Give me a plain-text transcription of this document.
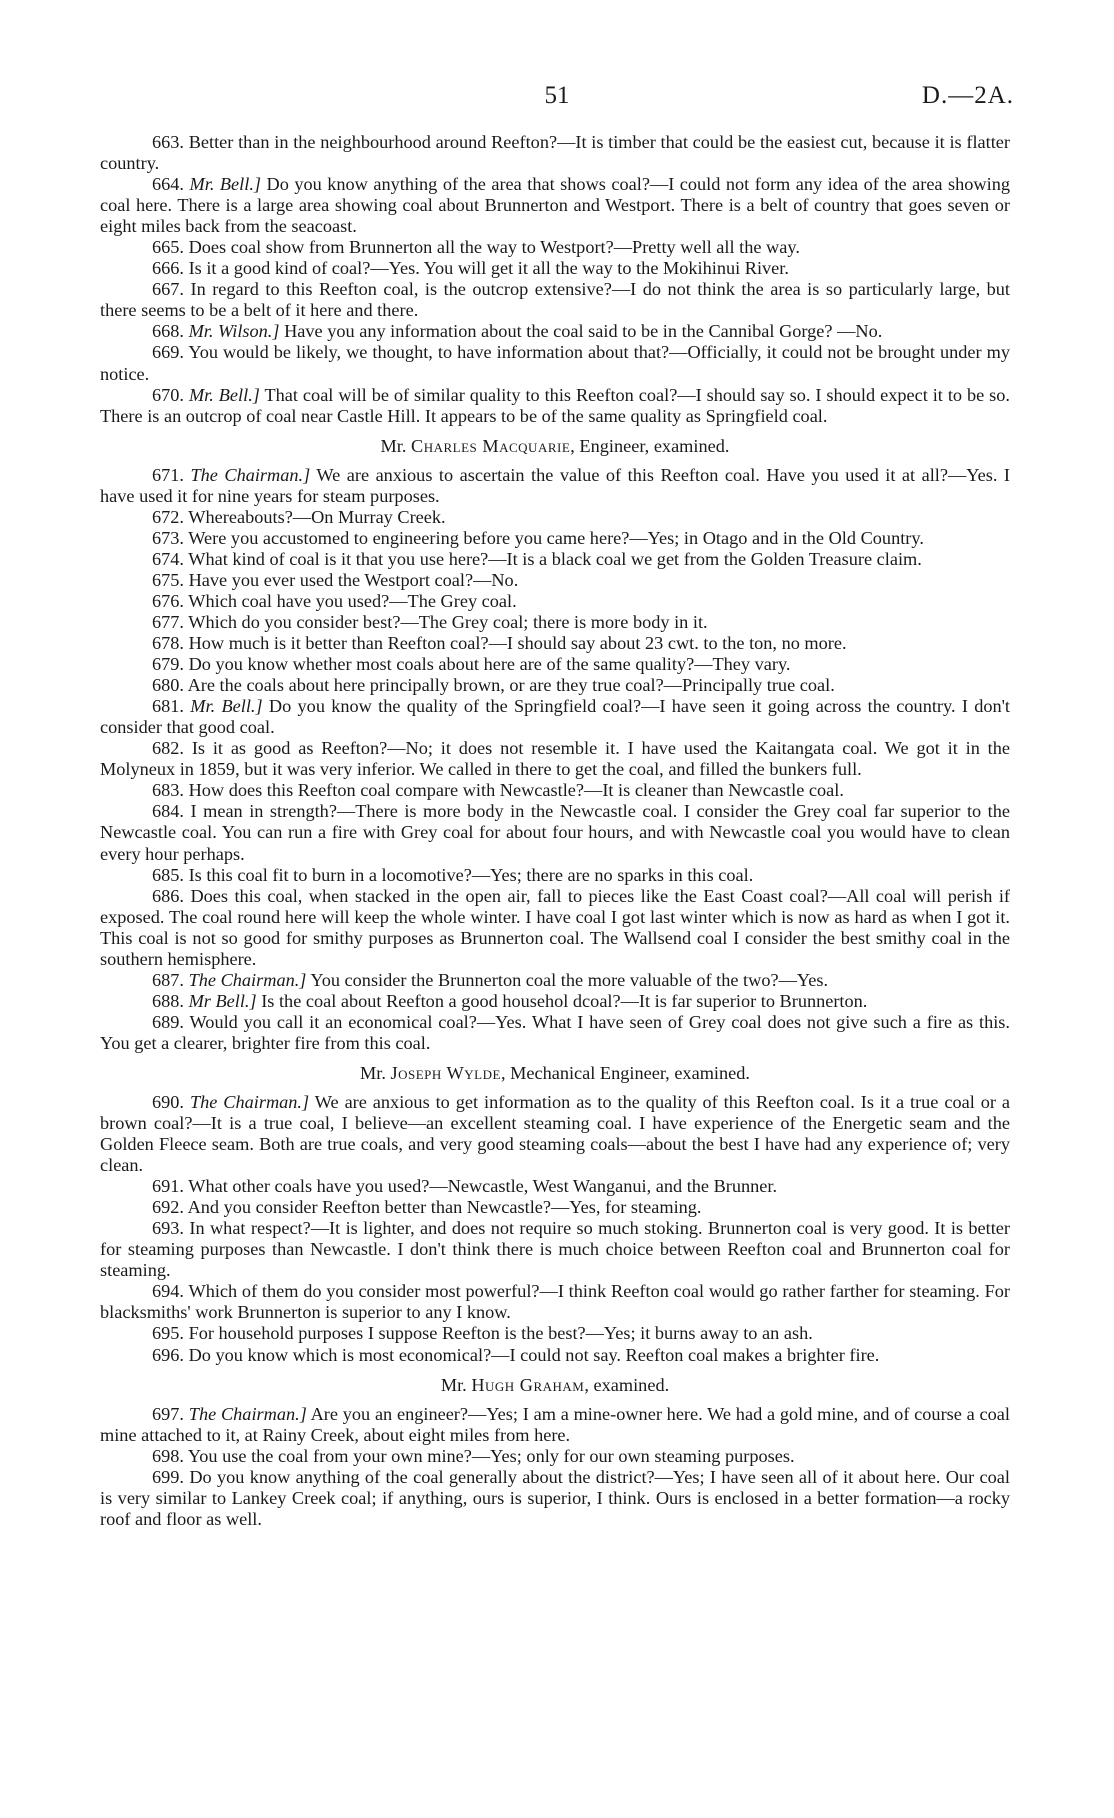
51	D.—2A.

663. Better than in the neighbourhood around Reefton?—It is timber that could be the easiest cut, because it is flatter country.

664. Mr. Bell.] Do you know anything of the area that shows coal?—I could not form any idea of the area showing coal here. There is a large area showing coal about Brunnerton and Westport. There is a belt of country that goes seven or eight miles back from the seacoast.

665. Does coal show from Brunnerton all the way to Westport?—Pretty well all the way.

666. Is it a good kind of coal?—Yes. You will get it all the way to the Mokihinui River.

667. In regard to this Reefton coal, is the outcrop extensive?—I do not think the area is so particularly large, but there seems to be a belt of it here and there.

668. Mr. Wilson.] Have you any information about the coal said to be in the Cannibal Gorge? —No.

669. You would be likely, we thought, to have information about that?—Officially, it could not be brought under my notice.

670. Mr. Bell.] That coal will be of similar quality to this Reefton coal?—I should say so. I should expect it to be so. There is an outcrop of coal near Castle Hill. It appears to be of the same quality as Springfield coal.

Mr. Charles Macquarie, Engineer, examined.

671. The Chairman.] We are anxious to ascertain the value of this Reefton coal. Have you used it at all?—Yes. I have used it for nine years for steam purposes.

672. Whereabouts?—On Murray Creek.

673. Were you accustomed to engineering before you came here?—Yes; in Otago and in the Old Country.

674. What kind of coal is it that you use here?—It is a black coal we get from the Golden Treasure claim.

675. Have you ever used the Westport coal?—No.

676. Which coal have you used?—The Grey coal.

677. Which do you consider best?—The Grey coal; there is more body in it.

678. How much is it better than Reefton coal?—I should say about 23 cwt. to the ton, no more.

679. Do you know whether most coals about here are of the same quality?—They vary.

680. Are the coals about here principally brown, or are they true coal?—Principally true coal.

681. Mr. Bell.] Do you know the quality of the Springfield coal?—I have seen it going across the country. I don't consider that good coal.

682. Is it as good as Reefton?—No; it does not resemble it. I have used the Kaitangata coal. We got it in the Molyneux in 1859, but it was very inferior. We called in there to get the coal, and filled the bunkers full.

683. How does this Reefton coal compare with Newcastle?—It is cleaner than Newcastle coal.

684. I mean in strength?—There is more body in the Newcastle coal. I consider the Grey coal far superior to the Newcastle coal. You can run a fire with Grey coal for about four hours, and with Newcastle coal you would have to clean every hour perhaps.

685. Is this coal fit to burn in a locomotive?—Yes; there are no sparks in this coal.

686. Does this coal, when stacked in the open air, fall to pieces like the East Coast coal?—All coal will perish if exposed. The coal round here will keep the whole winter. I have coal I got last winter which is now as hard as when I got it. This coal is not so good for smithy purposes as Brunnerton coal. The Wallsend coal I consider the best smithy coal in the southern hemisphere.

687. The Chairman.] You consider the Brunnerton coal the more valuable of the two?—Yes.

688. Mr Bell.] Is the coal about Reefton a good househol dcoal?—It is far superior to Brunnerton.

689. Would you call it an economical coal?—Yes. What I have seen of Grey coal does not give such a fire as this. You get a clearer, brighter fire from this coal.

Mr. Joseph Wylde, Mechanical Engineer, examined.

690. The Chairman.] We are anxious to get information as to the quality of this Reefton coal. Is it a true coal or a brown coal?—It is a true coal, I believe—an excellent steaming coal. I have experience of the Energetic seam and the Golden Fleece seam. Both are true coals, and very good steaming coals—about the best I have had any experience of; very clean.

691. What other coals have you used?—Newcastle, West Wanganui, and the Brunner.

692. And you consider Reefton better than Newcastle?—Yes, for steaming.

693. In what respect?—It is lighter, and does not require so much stoking. Brunnerton coal is very good. It is better for steaming purposes than Newcastle. I don't think there is much choice between Reefton coal and Brunnerton coal for steaming.

694. Which of them do you consider most powerful?—I think Reefton coal would go rather farther for steaming. For blacksmiths' work Brunnerton is superior to any I know.

695. For household purposes I suppose Reefton is the best?—Yes; it burns away to an ash.

696. Do you know which is most economical?—I could not say. Reefton coal makes a brighter fire.

Mr. Hugh Graham, examined.

697. The Chairman.] Are you an engineer?—Yes; I am a mine-owner here. We had a gold mine, and of course a coal mine attached to it, at Rainy Creek, about eight miles from here.

698. You use the coal from your own mine?—Yes; only for our own steaming purposes.

699. Do you know anything of the coal generally about the district?—Yes; I have seen all of it about here. Our coal is very similar to Lankey Creek coal; if anything, ours is superior, I think. Ours is enclosed in a better formation—a rocky roof and floor as well.
